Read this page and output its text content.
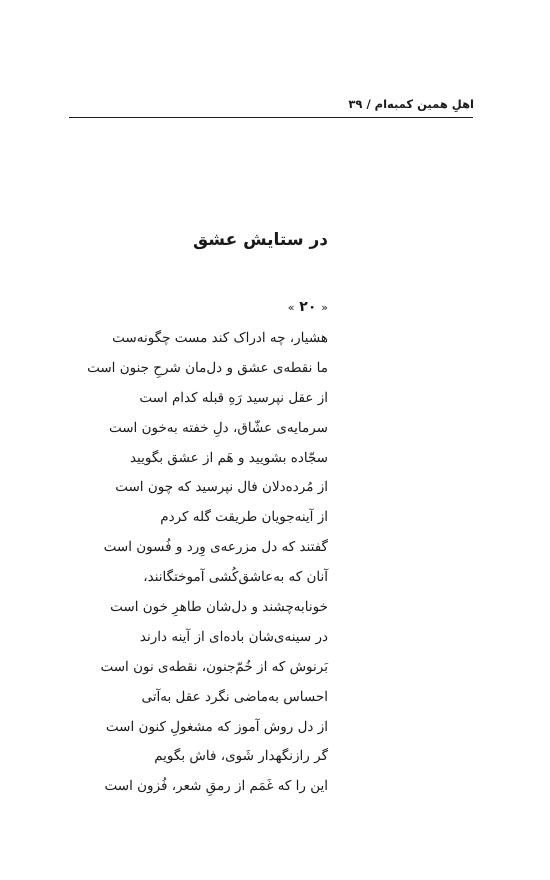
اهلِ همین کمبه‌ام/۳۹
در ستایش عشق
« ۲۰ »
هشیار، چه ادراک کند مست چگونه‌ست
ما نقطه‌ی عشق و دل‌مان شرحِ جنون است
از عقل نپرسید رَهِ قبله کدام است
سرمایه‌ی عشّاق، دلِ خفته به‌خون است
سجّاده بشویید و هَم از عشق بگویید
از مُرده‌دلان فال نپرسید که چون است
از آینه‌جویان طریقت گله کردم
گفتند که دل مزرعه‌ی وِرد و فُسون است
آنان که به‌عاشق‌کُشی آموختگانند،
خونابه‌چشند و دل‌شان طاهرِ خون است
در سینه‌ی‌شان باده‌ای از آینه دارند
بَرنوش که از خُمّ‌جنون، نقطه‌ی نون است
احساس به‌ماضی نگرد عقل به‌آتی
از دل روش آموز که مشغولِ کنون است
گر رازنگهدار شَوی، فاش بگویم
این را که غَمَم از رمقِ شعر، فُزون است
